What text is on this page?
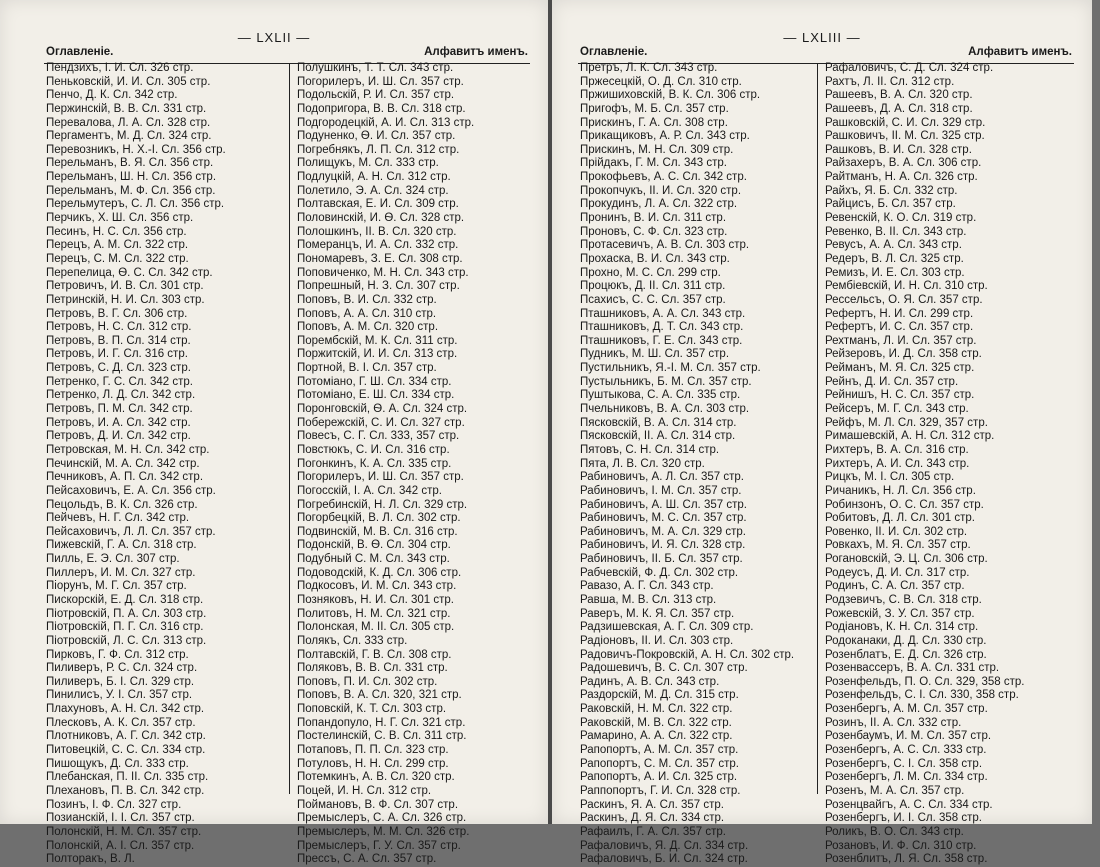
— LXLII —
Оглавленіе.	Алфавитъ именъ.
Пендзихъ, І. И. Сл. 326 стр.
Пеньковскій, И. И. Сл. 305 стр.
Пенчо, Д. К. Сл. 342 стр.
Пержинскій, В. В. Сл. 331 стр.
Перевалова, Л. А. Сл. 328 стр.
Пергаментъ, М. Д. Сл. 324 стр.
Перевозникъ, Н. Х.-І. Сл. 356 стр.
Перельманъ, В. Я. Сл. 356 стр.
Перельманъ, Ш. Н. Сл. 356 стр.
Перельманъ, М. Ф. Сл. 356 стр.
Перельмутеръ, С. Л. Сл. 356 стр.
Перчикъ, Х. Ш. Сл. 356 стр.
Песинъ, Н. С. Сл. 356 стр.
Перецъ, А. М. Сл. 322 стр.
Перецъ, С. М. Сл. 322 стр.
Перепелица, Ѳ. С. Сл. 342 стр.
Петровичъ, И. В. Сл. 301 стр.
Петринскій, Н. И. Сл. 303 стр.
Петровъ, В. Г. Сл. 306 стр.
Петровъ, Н. С. Сл. 312 стр.
Петровъ, В. П. Сл. 314 стр.
Петровъ, И. Г. Сл. 316 стр.
Петровъ, С. Д. Сл. 323 стр.
Петренко, Г. С. Сл. 342 стр.
Петренко, Л. Д. Сл. 342 стр.
Петровъ, П. М. Сл. 342 стр.
Петровъ, И. А. Сл. 342 стр.
Петровъ, Д. И. Сл. 342 стр.
Петровская, М. Н. Сл. 342 стр.
Печинскій, М. А. Сл. 342 стр.
Печниковъ, А. П. Сл. 342 стр.
Пейсаховичъ, Е. А. Сл. 356 стр.
Пецольдъ, В. К. Сл. 326 стр.
Пейчевъ, Н. Г. Сл. 342 стр.
Пейсаховичъ, Л. Л. Сл. 357 стр.
Пижевскій, Г. А. Сл. 318 стр.
Пилль, Е. Э. Сл. 307 стр.
Пиллеръ, И. М. Сл. 327 стр.
Пiорунъ, М. Г. Сл. 357 стр.
Пискорскій, Е. Д. Сл. 318 стр.
Піотровскій, П. А. Сл. 303 стр.
Піотровскій, П. Г. Сл. 316 стр.
Піотровскій, Л. С. Сл. 313 стр.
Пирковъ, Г. Ф. Сл. 312 стр.
Пиливеръ, Р. С. Сл. 324 стр.
Пиливеръ, Б. І. Сл. 329 стр.
Пинилисъ, У. І. Сл. 357 стр.
Плахуновъ, А. Н. Сл. 342 стр.
Плесковъ, А. К. Сл. 357 стр.
Плотниковъ, А. Г. Сл. 342 стр.
Питовецкій, С. С. Сл. 334 стр.
Пишощукъ, Д. Сл. 333 стр.
Плебанская, П. II. Сл. 335 стр.
Плехановъ, П. В. Сл. 342 стр.
Позинъ, І. Ф. Сл. 327 стр.
Позианскій, І. І. Сл. 357 стр.
Полонскій, Н. М. Сл. 357 стр.
Полонскій, А. І. Сл. 357 стр.
Полторакъ, В. Л.
Полушкинъ, Т. Т. Сл. 343 стр.
Погорилеръ, И. Ш. Сл. 357 стр.
Подольскій, Р. И. Сл. 357 стр.
Подопригора, В. В. Сл. 318 стр.
Подгородецкій, А. И. Сл. 313 стр.
Подуненко, Ѳ. И. Сл. 357 стр.
Погребнякъ, Л. П. Сл. 312 стр.
Полищукъ, М. Сл. 333 стр.
Подлуцкій, А. Н. Сл. 312 стр.
Полетило, Э. А. Сл. 324 стр.
Полтавская, Е. И. Сл. 309 стр.
Половинскій, И. Ѳ. Сл. 328 стр.
Полошкинъ, II. В. Сл. 320 стр.
Померанцъ, И. А. Сл. 332 стр.
Пономаревъ, З. Е. Сл. 308 стр.
Поповиченко, М. Н. Сл. 343 стр.
Попрешный, Н. З. Сл. 307 стр.
Поповъ, В. И. Сл. 332 стр.
Поповъ, А. А. Сл. 310 стр.
Поповъ, А. М. Сл. 320 стр.
Порембскій, М. К. Сл. 311 стр.
Поржитскій, И. И. Сл. 313 стр.
Портной, В. І. Сл. 357 стр.
Потоміано, Г. Ш. Сл. 334 стр.
Потоміано, Е. Ш. Сл. 334 стр.
Поронговскій, Ѳ. А. Сл. 324 стр.
Побережскій, С. И. Сл. 327 стр.
Повесъ, С. Г. Сл. 333, 357 стр.
Повстюкъ, С. И. Сл. 316 стр.
Погонкинъ, К. А. Сл. 335 стр.
Погорилеръ, И. Ш. Сл. 357 стр.
Погосскій, І. А. Сл. 342 стр.
Погребинскій, Н. Л. Сл. 329 стр.
Погорбецкій, В. Л. Сл. 302 стр.
Подвинскій, М. В. Сл. 316 стр.
Подонскій, В. Ѳ. Сл. 304 стр.
Подубный С. М. Сл. 343 стр.
Подоводскій, К. Д. Сл. 306 стр.
Подкосовъ, И. М. Сл. 343 стр.
Позняковъ, Н. И. Сл. 301 стр.
Политовъ, Н. М. Сл. 321 стр.
Полонская, М. II. Сл. 305 стр.
Полякъ, Сл. 333 стр.
Полтавскій, Г. В. Сл. 308 стр.
Поляковъ, В. В. Сл. 331 стр.
Поповъ, П. И. Сл. 302 стр.
Поповъ, В. А. Сл. 320, 321 стр.
Поповскій, К. Т. Сл. 303 стр.
Попандопуло, Н. Г. Сл. 321 стр.
Постелинскій, С. В. Сл. 311 стр.
Потаповъ, П. П. Сл. 323 стр.
Потуловъ, Н. Н. Сл. 299 стр.
Потемкинъ, А. В. Сл. 320 стр.
Поцей, И. Н. Сл. 312 стр.
Поймановъ, В. Ф. Сл. 307 стр.
Премыслеръ, С. А. Сл. 326 стр.
Премыслеръ, М. М. Сл. 326 стр.
Премыслеръ, Г. У. Сл. 357 стр.
Прессъ, С. А. Сл. 357 стр.
— LXLIII —
Оглавленіе.	Алфавитъ именъ.
Претръ, Л. К. Сл. 343 стр.
Пржесецкій, О. Д. Сл. 310 стр.
Пржишиховскій, В. К. Сл. 306 стр.
Пригофъ, М. Б. Сл. 357 стр.
Прискинъ, Г. А. Сл. 308 стр.
Прикащиковъ, А. Р. Сл. 343 стр.
Прискинъ, М. Н. Сл. 309 стр.
Прійдакъ, Г. М. Сл. 343 стр.
Прокофьевъ, А. С. Сл. 342 стр.
Прокопчукъ, II. И. Сл. 320 стр.
Прокудинъ, Л. А. Сл. 322 стр.
Пронинъ, В. И. Сл. 311 стр.
Проновъ, С. Ф. Сл. 323 стр.
Протасевичъ, А. В. Сл. 303 стр.
Прохаска, В. И. Сл. 343 стр.
Прохно, М. С. Сл. 299 стр.
Процюкъ, Д. II. Сл. 311 стр.
Псахисъ, С. С. Сл. 357 стр.
Пташниковъ, А. А. Сл. 343 стр.
Пташниковъ, Д. Т. Сл. 343 стр.
Пташниковъ, Г. Е. Сл. 343 стр.
Пудникъ, М. Ш. Сл. 357 стр.
Пустильникъ, Я.-І. М. Сл. 357 стр.
Пустыльникъ, Б. М. Сл. 357 стр.
Пуштыкова, С. А. Сл. 335 стр.
Пчельниковъ, В. А. Сл. 303 стр.
Пясковскій, В. А. Сл. 314 стр.
Пясковскій, II. А. Сл. 314 стр.
Пятовъ, С. Н. Сл. 314 стр.
Пята, Л. В. Сл. 320 стр.
Рабиновичъ, А. Л. Сл. 357 стр.
Рабиновичъ, І. М. Сл. 357 стр.
Рабиновичъ, А. Ш. Сл. 357 стр.
Рабиновичъ, М. С. Сл. 357 стр.
Рабиновичъ, М. А. Сл. 329 стр.
Рабиновичъ, И. Я. Сл. 328 стр.
Рабиновичъ, II. Б. Сл. 357 стр.
Рабчевскій, Ф. Д. Сл. 302 стр.
Равазо, А. Г. Сл. 343 стр.
Равша, М. В. Сл. 313 стр.
Раверъ, М. К. Я. Сл. 357 стр.
Радзишевская, А. Г. Сл. 309 стр.
Радіоновъ, II. И. Сл. 303 стр.
Радовичъ-Покровскій, А. Н. Сл. 302 стр.
Радошевичъ, В. С. Сл. 307 стр.
Радинъ, А. В. Сл. 343 стр.
Раздорскій, М. Д. Сл. 315 стр.
Раковскій, Н. М. Сл. 322 стр.
Раковскій, М. В. Сл. 322 стр.
Рамарино, А. А. Сл. 322 стр.
Рапопортъ, А. М. Сл. 357 стр.
Рапопортъ, С. М. Сл. 357 стр.
Рапопортъ, А. И. Сл. 325 стр.
Раппопортъ, Г. И. Сл. 328 стр.
Раскинъ, Я. А. Сл. 357 стр.
Раскинъ, Д. Я. Сл. 334 стр.
Рафаилъ, Г. А. Сл. 357 стр.
Рафаловичъ, Я. Д. Сл. 334 стр.
Рафаловичъ, Б. И. Сл. 324 стр.
Рафаловичъ, С. Д. Сл. 324 стр.
Рахтъ, Л. II. Сл. 312 стр.
Рашеевъ, В. А. Сл. 320 стр.
Рашеевъ, Д. А. Сл. 318 стр.
Рашковскій, С. И. Сл. 329 стр.
Рашковичъ, II. М. Сл. 325 стр.
Рашковъ, В. И. Сл. 328 стр.
Райзахеръ, В. А. Сл. 306 стр.
Райтманъ, Н. А. Сл. 326 стр.
Райхъ, Я. Б. Сл. 332 стр.
Райцисъ, Б. Сл. 357 стр.
Ревенскій, К. О. Сл. 319 стр.
Ревенко, В. II. Сл. 343 стр.
Ревусъ, А. А. Сл. 343 стр.
Редеръ, В. Л. Сл. 325 стр.
Ремизъ, И. Е. Сл. 303 стр.
Рембіевскій, И. Н. Сл. 310 стр.
Рессельсъ, О. Я. Сл. 357 стр.
Рефертъ, Н. И. Сл. 299 стр.
Рефертъ, И. С. Сл. 357 стр.
Рехтманъ, Л. И. Сл. 357 стр.
Рейзеровъ, И. Д. Сл. 358 стр.
Рейманъ, М. Я. Сл. 325 стр.
Рейнъ, Д. И. Сл. 357 стр.
Рейнишъ, Н. С. Сл. 357 стр.
Рейсеръ, М. Г. Сл. 343 стр.
Рейфъ, М. Л. Сл. 329, 357 стр.
Римашевскій, А. Н. Сл. 312 стр.
Рихтеръ, В. А. Сл. 316 стр.
Рихтеръ, А. И. Сл. 343 стр.
Рицкъ, М. І. Сл. 305 стр.
Ричаникъ, Н. Л. Сл. 356 стр.
Робинзонъ, О. С. Сл. 357 стр.
Робитовъ, Д. Л. Сл. 301 стр.
Ровенко, II. И. Сл. 302 стр.
Ровкахъ, М. Я. Сл. 357 стр.
Рогановскій, Э. Ц. Сл. 306 стр.
Родеусъ, Д. И. Сл. 317 стр.
Родинъ, С. А. Сл. 357 стр.
Родзевичъ, С. В. Сл. 318 стр.
Рожевскій, З. У. Сл. 357 стр.
Родіановъ, К. Н. Сл. 314 стр.
Родоканаки, Д. Д. Сл. 330 стр.
Розенблатъ, Е. Д. Сл. 326 стр.
Розенвассеръ, В. А. Сл. 331 стр.
Розенфельдъ, П. О. Сл. 329, 358 стр.
Розенфельдъ, С. І. Сл. 330, 358 стр.
Розенбергъ, А. М. Сл. 357 стр.
Розинъ, II. А. Сл. 332 стр.
Розенбаумъ, И. М. Сл. 357 стр.
Розенбергъ, А. С. Сл. 333 стр.
Розенбергъ, С. І. Сл. 358 стр.
Розенбергъ, Л. М. Сл. 334 стр.
Розенъ, М. А. Сл. 357 стр.
Розенцвайгъ, А. С. Сл. 334 стр.
Розенбергъ, И. І. Сл. 358 стр.
Роликъ, В. О. Сл. 343 стр.
Розановъ, И. Ф. Сл. 310 стр.
Розенблитъ, Л. Я. Сл. 358 стр.
